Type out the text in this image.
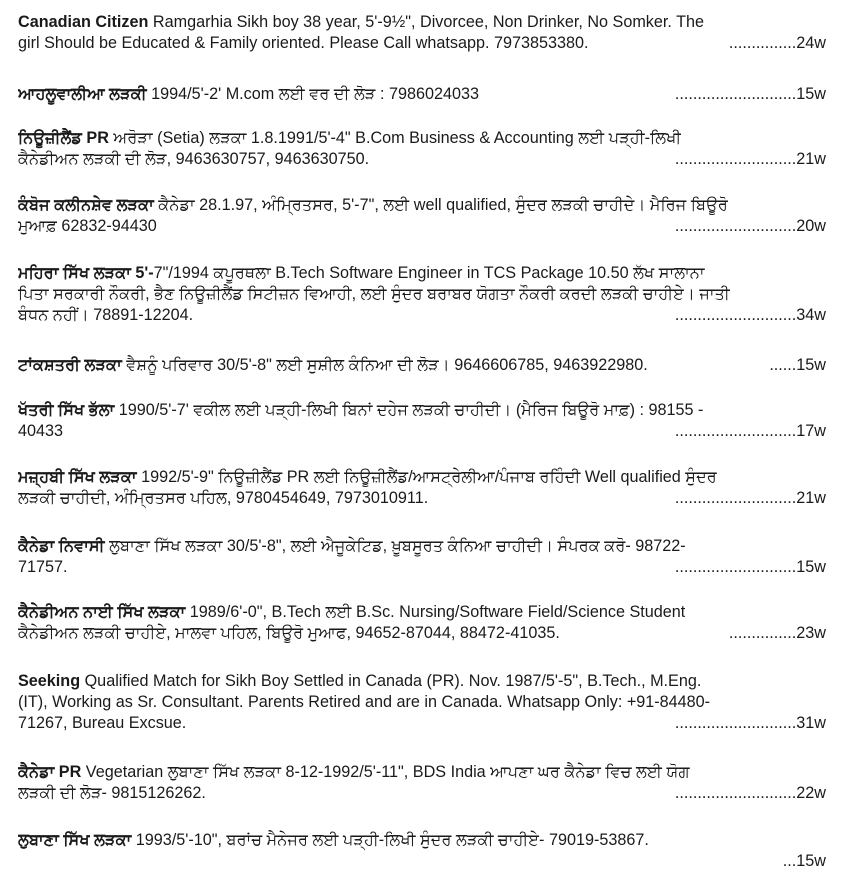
Canadian Citizen Ramgarhia Sikh boy 38 year, 5'-9½", Divorcee, Non Drinker, No Somker. The
girl Should be Educated & Family oriented. Please Call whatsapp. 7973853380.	...............24w
ਆਹਲੂਵਾਲੀਆ ਲੜਕੀ 1994/5'-2' M.com ਲਈ ਵਰ ਦੀ ਲੋੜ : 7986024033	...........................15w
ਨਿਊਜ਼ੀਲੈਂਡ PR ਅਰੋੜਾ (Setia) ਲੜਕਾ 1.8.1991/5'-4" B.Com Business & Accounting ਲਈ ਪੜ੍ਹੀ-ਲਿਖੀ
ਕੈਨੇਡੀਅਨ ਲੜਕੀ ਦੀ ਲੋੜ, 9463630757, 9463630750.	...........................21w
ਕੰਬੋਜ ਕਲੀਨਸ਼ੇਵ ਲੜਕਾ ਕੈਨੇਡਾ 28.1.97, ਅੰਮ੍ਰਿਤਸਰ, 5'-7", ਲਈ well qualified, ਸੁੰਦਰ ਲੜਕੀ ਚਾਹੀਦੇ। ਮੈਰਿਜ ਬਿਊਰੋ
ਮੁਆਫ਼ 62832-94430	...........................20w
ਮਹਿਰਾ ਸਿੱਖ ਲੜਕਾ 5'-7"/1994 ਕਪੂਰਥਲਾ B.Tech Software Engineer in TCS Package 10.50 ਲੱਖ ਸਾਲਾਨਾ
ਪਿਤਾ ਸਰਕਾਰੀ ਨੌਕਰੀ, ਭੈਣ ਨਿਊਜ਼ੀਲੈਂਡ ਸਿਟੀਜ਼ਨ ਵਿਆਹੀ, ਲਈ ਸੁੰਦਰ ਬਰਾਬਰ ਯੋਗਤਾ ਨੌਕਰੀ ਕਰਦੀ ਲੜਕੀ ਚਾਹੀਏ। ਜਾਤੀ
ਬੰਧਨ ਨਹੀਂ। 78891-12204.	...........................34w
ਟਾਂਕਸ਼ਤਰੀ ਲੜਕਾ ਵੈਸ਼ਨੂੰ ਪਰਿਵਾਰ 30/5'-8" ਲਈ ਸੁਸ਼ੀਲ ਕੰਨਿਆ ਦੀ ਲੋੜ। 9646606785, 9463922980.	......15w
ਖੱਤਰੀ ਸਿੱਖ ਭੱਲਾ 1990/5'-7' ਵਕੀਲ ਲਈ ਪੜ੍ਹੀ-ਲਿਖੀ ਬਿਨਾਂ ਦਹੇਜ ਲੜਕੀ ਚਾਹੀਦੀ। (ਮੈਰਿਜ ਬਿਊਰੋ ਮਾਫ਼) : 98155 -
40433	...........................17w
ਮਜ਼੍ਹਬੀ ਸਿੱਖ ਲੜਕਾ 1992/5'-9" ਨਿਊਜ਼ੀਲੈਂਡ PR ਲਈ ਨਿਊਜ਼ੀਲੈਂਡ/ਆਸਟ੍ਰੇਲੀਆ/ਪੰਜਾਬ ਰਹਿੰਦੀ Well qualified ਸੁੰਦਰ
ਲੜਕੀ ਚਾਹੀਦੀ, ਅੰਮ੍ਰਿਤਸਰ ਪਹਿਲ, 9780454649, 7973010911.	...........................21w
ਕੈਨੇਡਾ ਨਿਵਾਸੀ ਲੁਬਾਣਾ ਸਿੱਖ ਲੜਕਾ 30/5'-8", ਲਈ ਐਜੂਕੇਟਿਡ, ਖ਼ੂਬਸੂਰਤ ਕੰਨਿਆ ਚਾਹੀਦੀ। ਸੰਪਰਕ ਕਰੋ- 98722-
71757.	...........................15w
ਕੈਨੇਡੀਅਨ ਨਾਈ ਸਿੱਖ ਲੜਕਾ 1989/6'-0", B.Tech ਲਈ B.Sc. Nursing/Software Field/Science Student
ਕੈਨੇਡੀਅਨ ਲੜਕੀ ਚਾਹੀਏ, ਮਾਲਵਾ ਪਹਿਲ, ਬਿਊਰੋ ਮੁਆਫ, 94652-87044, 88472-41035.	...............23w
Seeking Qualified Match for Sikh Boy Settled in Canada (PR). Nov. 1987/5'-5", B.Tech., M.Eng.
(IT), Working as Sr. Consultant. Parents Retired and are in Canada. Whatsapp Only: +91-84480-
71267, Bureau Excsue.	...........................31w
ਕੈਨੇਡਾ PR Vegetarian ਲੁਬਾਣਾ ਸਿੱਖ ਲੜਕਾ 8-12-1992/5'-11", BDS India ਆਪਣਾ ਘਰ ਕੈਨੇਡਾ ਵਿਚ ਲਈ ਯੋਗ
ਲੜਕੀ ਦੀ ਲੋੜ- 9815126262.	...........................22w
ਲੁਬਾਣਾ ਸਿੱਖ ਲੜਕਾ 1993/5'-10", ਬਰਾਂਚ ਮੈਨੇਜਰ ਲਈ ਪੜ੍ਹੀ-ਲਿਖੀ ਸੁੰਦਰ ਲੜਕੀ ਚਾਹੀਏ- 79019-53867.
...15w
